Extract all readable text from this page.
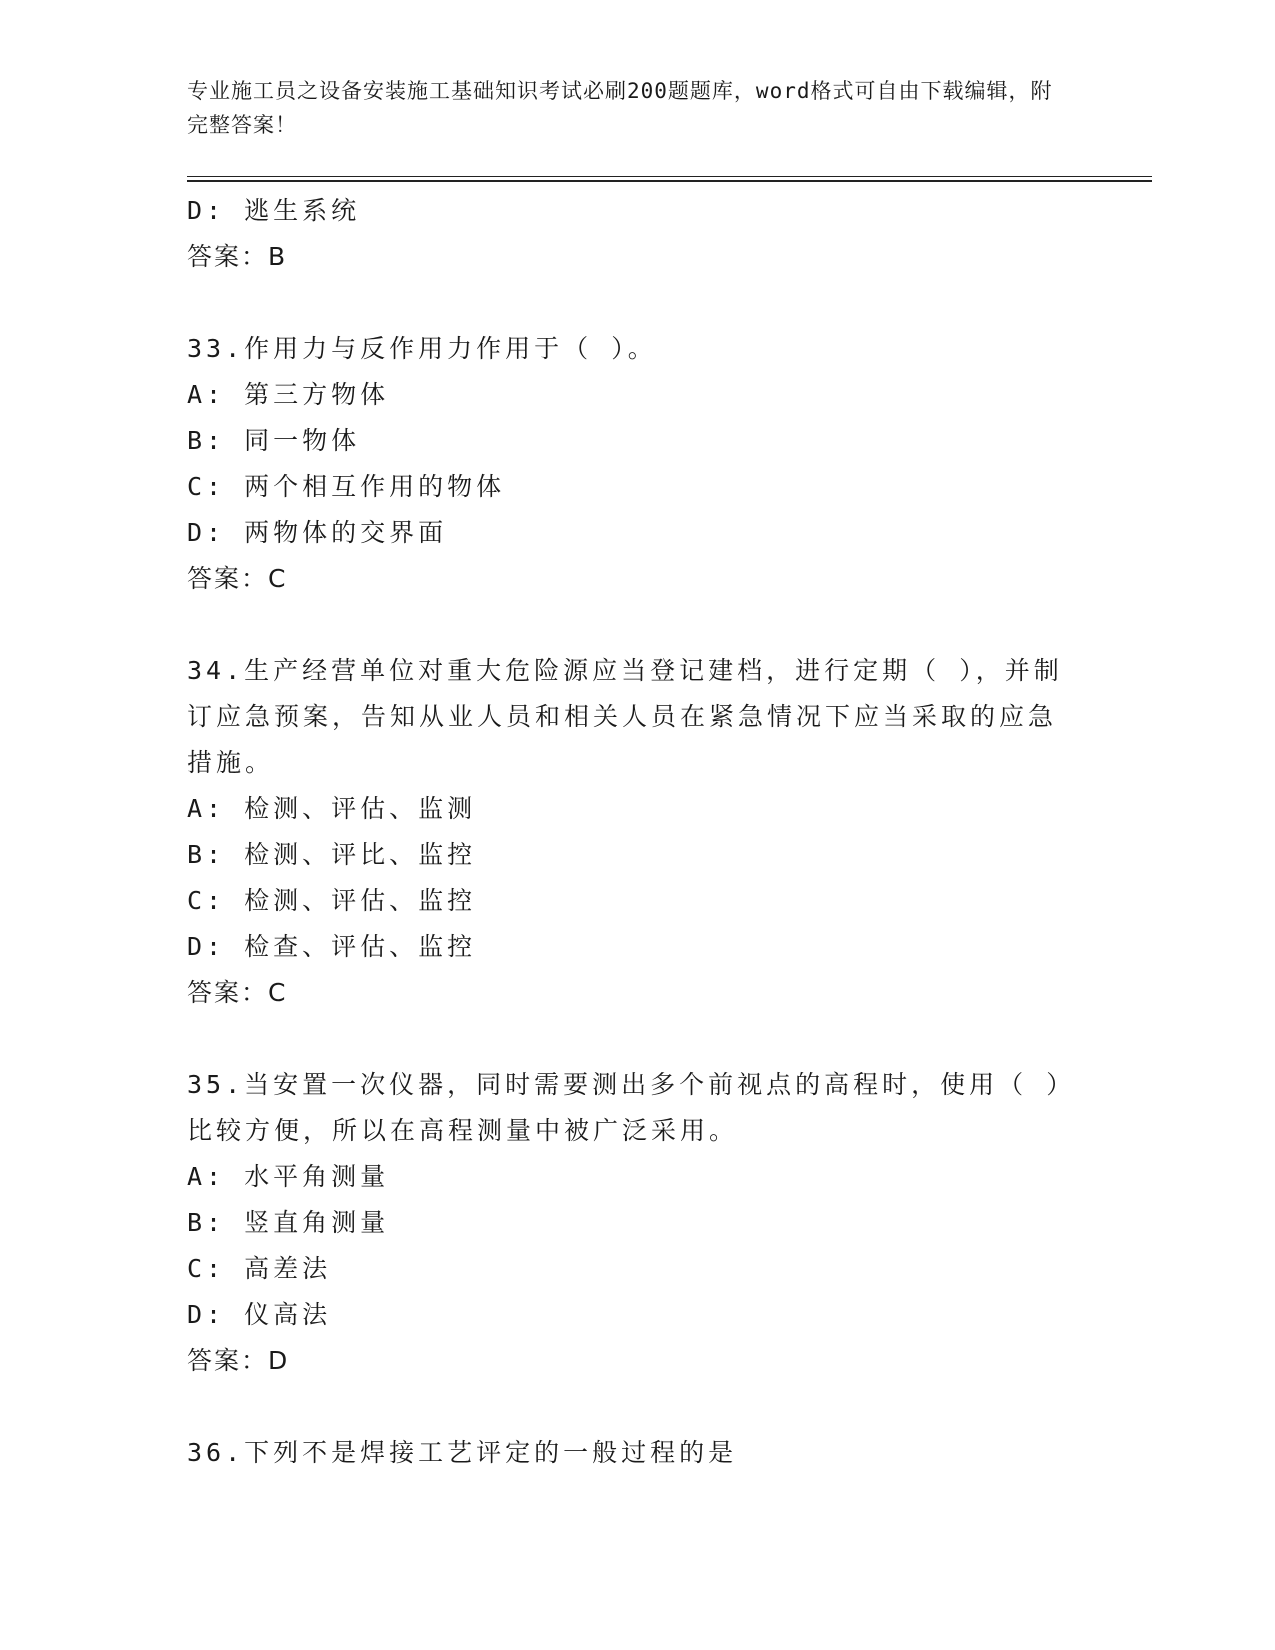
专业施工员之设备安装施工基础知识考试必刷200题题库，word格式可自由下载编辑，附完整答案！
D: 逃生系统
答案：B
33.作用力与反作用力作用于（ ）。
A: 第三方物体
B: 同一物体
C: 两个相互作用的物体
D: 两物体的交界面
答案：C
34.生产经营单位对重大危险源应当登记建档，进行定期（ ），并制订应急预案，告知从业人员和相关人员在紧急情况下应当采取的应急措施。
A: 检测、评估、监测
B: 检测、评比、监控
C: 检测、评估、监控
D: 检查、评估、监控
答案：C
35.当安置一次仪器，同时需要测出多个前视点的高程时，使用（ ）比较方便，所以在高程测量中被广泛采用。
A: 水平角测量
B: 竖直角测量
C: 高差法
D: 仪高法
答案：D
36.下列不是焊接工艺评定的一般过程的是
